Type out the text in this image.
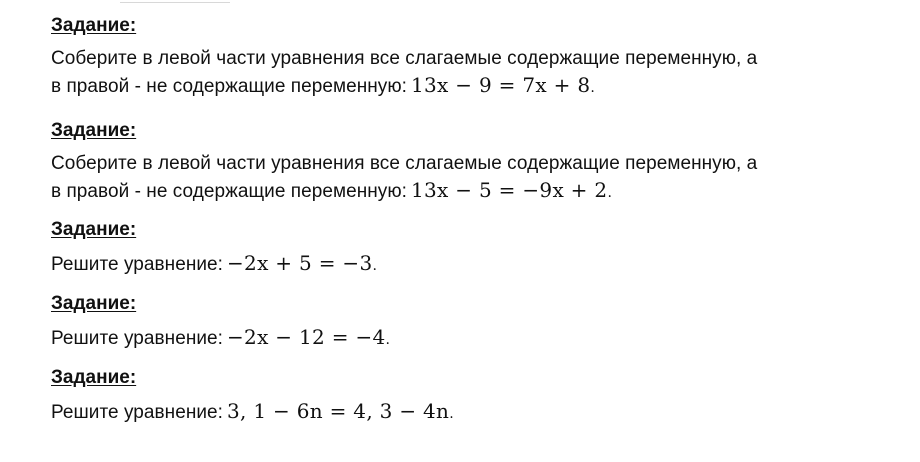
Задание:
Соберите в левой части уравнения все слагаемые содержащие переменную, а
в правой - не содержащие переменную: 13x − 9 = 7x + 8.
Задание:
Соберите в левой части уравнения все слагаемые содержащие переменную, а
в правой - не содержащие переменную: 13x − 5 = −9x + 2.
Задание:
Решите уравнение: −2x + 5 = −3.
Задание:
Решите уравнение: −2x − 12 = −4.
Задание:
Решите уравнение: 3, 1 − 6n = 4, 3 − 4n.
